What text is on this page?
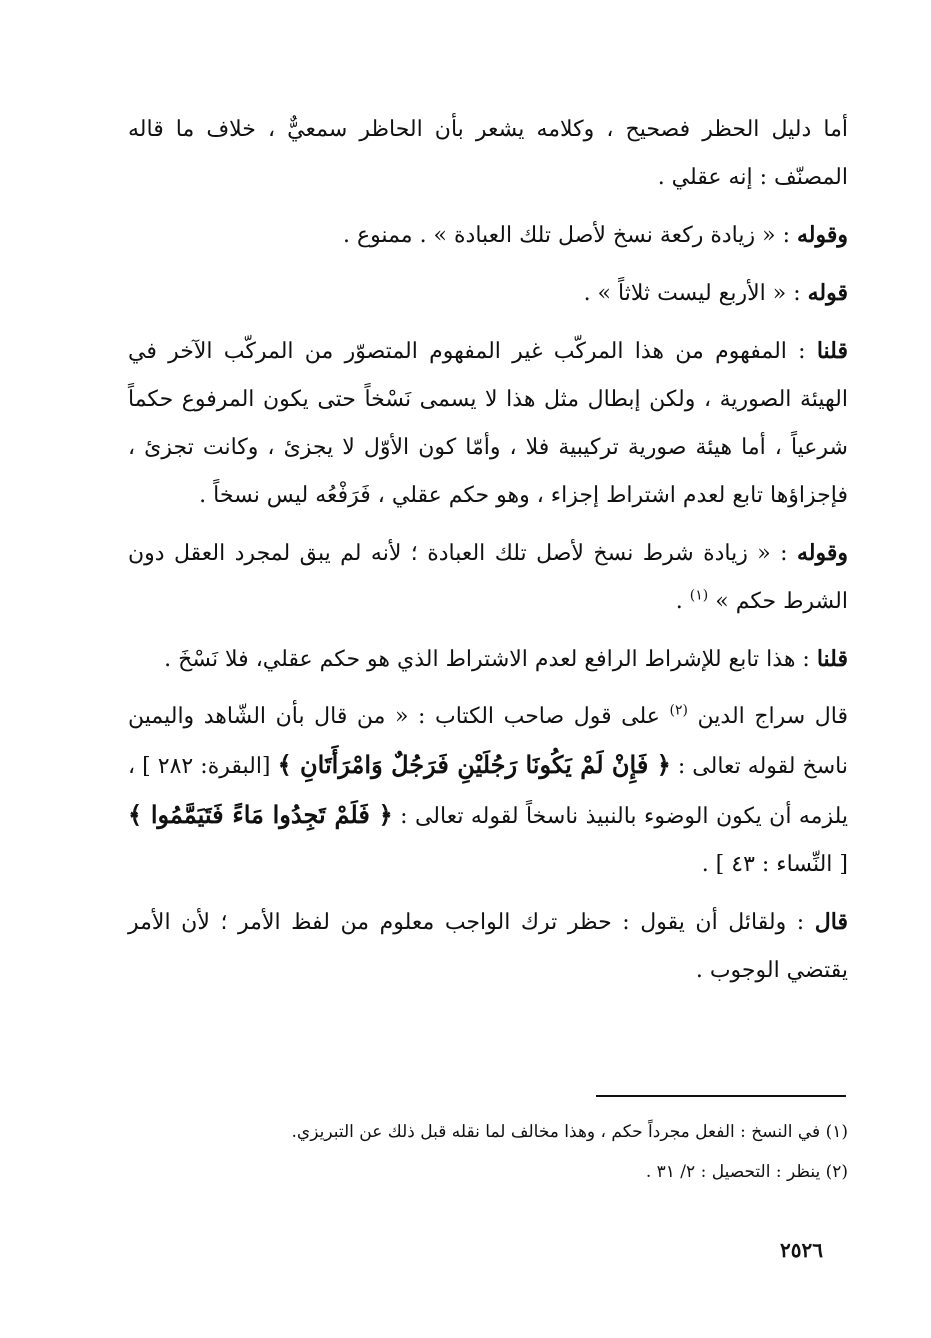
أما دليل الحظر فصحيح ، وكلامه يشعر بأن الحاظر سمعيٌّ ، خلاف ما قاله المصنّف : إنه عقلي .

وقوله : « زيادة ركعة نسخ لأصل تلك العبادة » . ممنوع .

قوله : « الأربع ليست ثلاثاً » .

قلنا : المفهوم من هذا المركّب غير المفهوم المتصوّر من المركّب الآخر في الهيئة الصورية ، ولكن إبطال مثل هذا لا يسمى نَسْخاً حتى يكون المرفوع حكماً شرعياً ، أما هيئة صورية تركيبية فلا ، وأمّا كون الأوّل لا يجزئ ، وكانت تجزئ ، فإجزاؤها تابع لعدم اشتراط إجزاء ، وهو حكم عقلي ، فَرَفْعُه ليس نسخاً .

وقوله : « زيادة شرط نسخ لأصل تلك العبادة ؛ لأنه لم يبق لمجرد العقل دون الشرط حكم » $^{(١)}$ .

قلنا : هذا تابع للإشراط الرافع لعدم الاشتراط الذي هو حكم عقلي، فلا نَسْخَ .

قال سراج الدين $^{(٢)}$ على قول صاحب الكتاب : « من قال بأن الشّاهد واليمين ناسخ لقوله تعالى : ﴿ فَإِنْ لَمْ يَكُونَا رَجُلَيْنِ فَرَجُلٌ وَامْرَأَتَانِ ﴾ [البقرة: ٢٨٢ ] ، يلزمه أن يكون الوضوء بالنبيذ ناسخاً لقوله تعالى : ﴿ فَلَمْ تَجِدُوا مَاءً فَتَيَمَّمُوا ﴾ [ النِّساء : ٤٣ ] .

قال : ولقائل أن يقول : حظر ترك الواجب معلوم من لفظ الأمر ؛ لأن الأمر يقتضي الوجوب .

(١) في النسخ : الفعل مجرداً حكم ، وهذا مخالف لما نقله قبل ذلك عن التبريزي.

(٢) ينظر : التحصيل : ٢/ ٣١ .

٢٥٢٦
